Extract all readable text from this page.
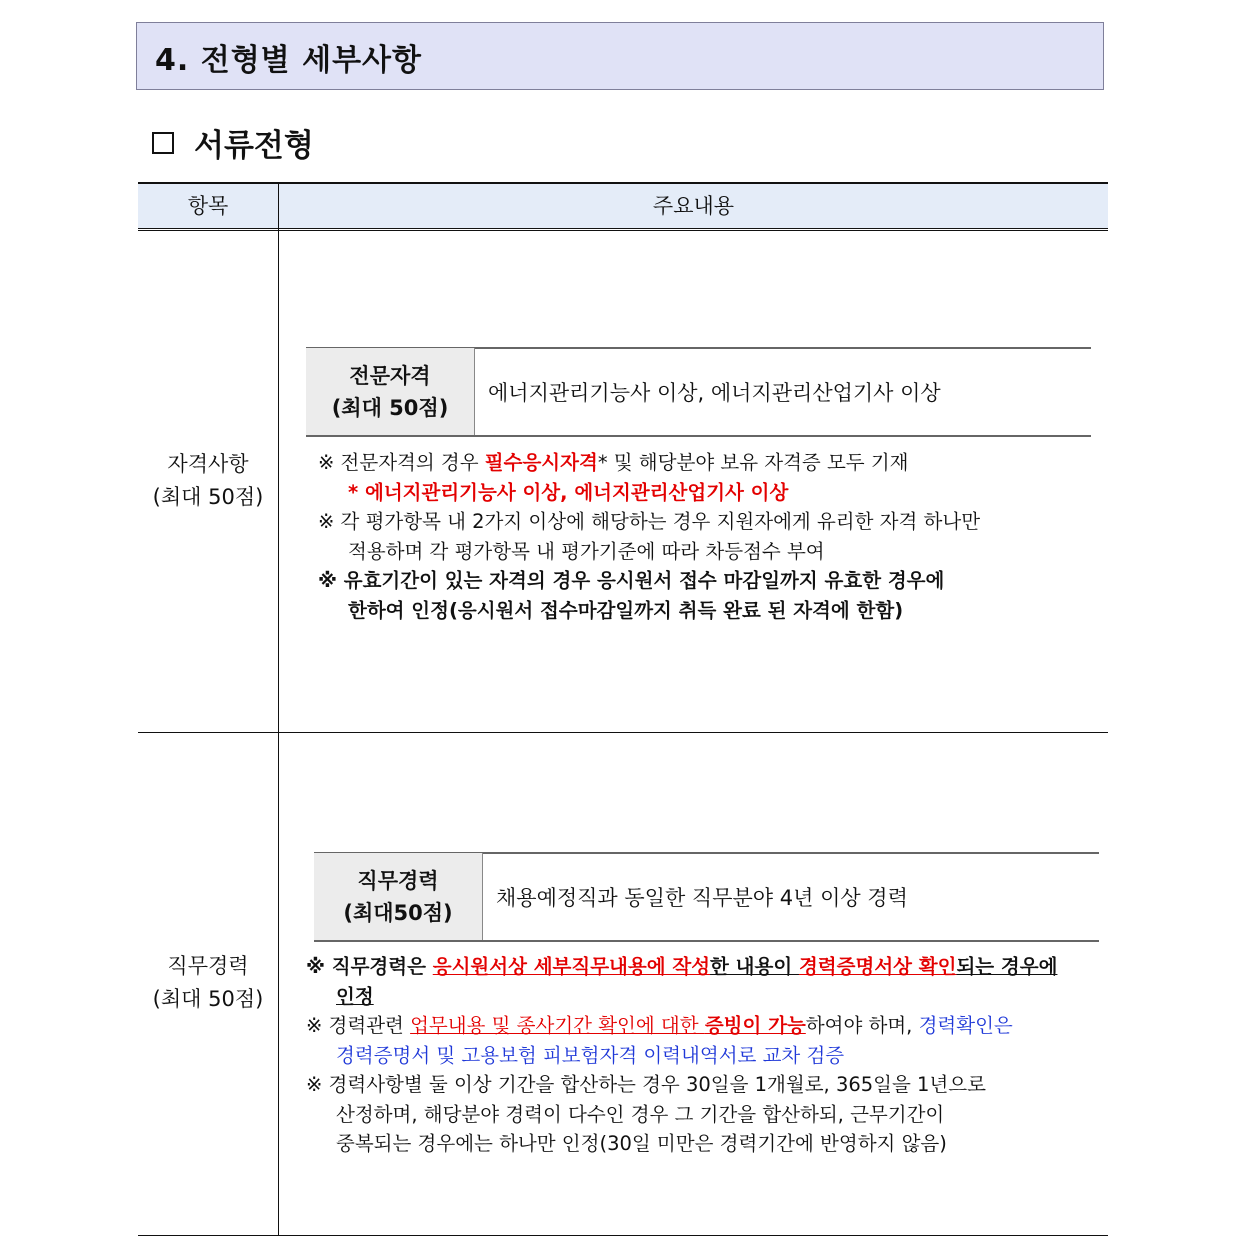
4. 전형별 세부사항
서류전형
항목	주요내용
자격사항
(최대 50점)
전문자격
(최대 50점)
에너지관리기능사 이상, 에너지관리산업기사 이상
※ 전문자격의 경우 필수응시자격* 및 해당분야 보유 자격증 모두 기재
* 에너지관리기능사 이상, 에너지관리산업기사 이상
※ 각 평가항목 내 2가지 이상에 해당하는 경우 지원자에게 유리한 자격 하나만
적용하며 각 평가항목 내 평가기준에 따라 차등점수 부여
※ 유효기간이 있는 자격의 경우 응시원서 접수 마감일까지 유효한 경우에
한하여 인정(응시원서 접수마감일까지 취득 완료 된 자격에 한함)
직무경력
(최대 50점)
직무경력
(최대50점)
채용예정직과 동일한 직무분야 4년 이상 경력
※ 직무경력은 응시원서상 세부직무내용에 작성한 내용이 경력증명서상 확인되는 경우에
인정
※ 경력관련 업무내용 및 종사기간 확인에 대한 증빙이 가능하여야 하며, 경력확인은
경력증명서 및 고용보험 피보험자격 이력내역서로 교차 검증
※ 경력사항별 둘 이상 기간을 합산하는 경우 30일을 1개월로, 365일을 1년으로
산정하며, 해당분야 경력이 다수인 경우 그 기간을 합산하되, 근무기간이
중복되는 경우에는 하나만 인정(30일 미만은 경력기간에 반영하지 않음)
